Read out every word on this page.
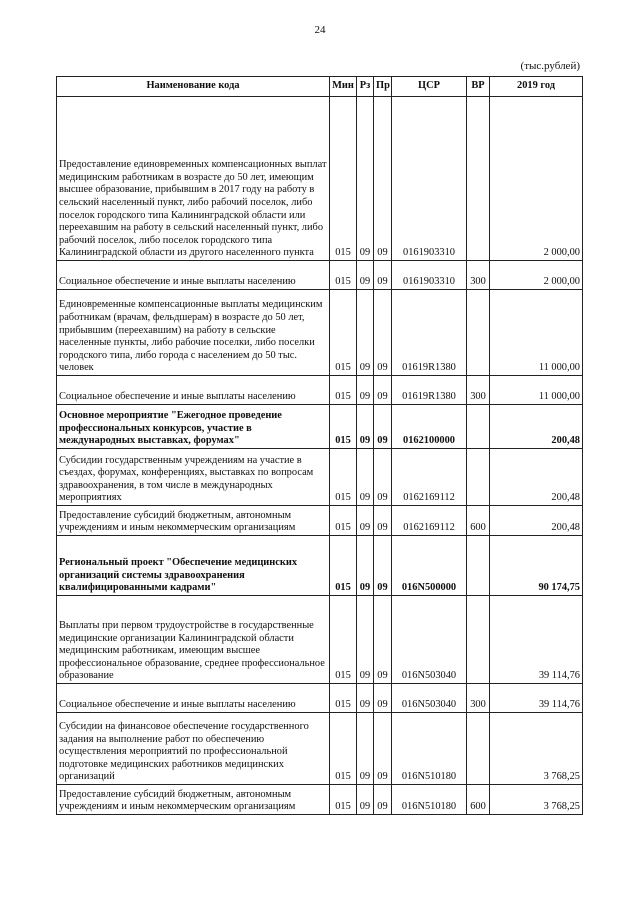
24
(тыс.рублей)
Наименование кода	Мин	Рз	Пр	ЦСР	ВР	2019 год
Предоставление единовременных компенсационных выплат медицинским работникам в возрасте до 50 лет, имеющим высшее образование, прибывшим в 2017 году на работу в сельский населенный пункт, либо рабочий поселок, либо поселок городского типа Калининградской области или переехавшим на работу в сельский населенный пункт, либо рабочий поселок, либо поселок городского типа Калининградской области из другого населенного пункта	015	09	09	0161903310		2 000,00
Социальное обеспечение и иные выплаты населению	015	09	09	0161903310	300	2 000,00
Единовременные компенсационные выплаты медицинским работникам (врачам, фельдшерам) в возрасте до 50 лет, прибывшим (переехавшим) на работу в сельские населенные пункты, либо рабочие поселки, либо поселки городского типа, либо города с населением до 50 тыс. человек	015	09	09	01619R1380		11 000,00
Социальное обеспечение и иные выплаты населению	015	09	09	01619R1380	300	11 000,00
Основное мероприятие "Ежегодное проведение профессиональных конкурсов, участие в международных выставках, форумах"	015	09	09	0162100000		200,48
Субсидии государственным учреждениям на участие в съездах, форумах, конференциях, выставках по вопросам здравоохранения, в том числе в международных мероприятиях	015	09	09	0162169112		200,48
Предоставление субсидий бюджетным, автономным учреждениям и иным некоммерческим организациям	015	09	09	0162169112	600	200,48
Региональный проект "Обеспечение медицинских организаций системы здравоохранения квалифицированными кадрами"	015	09	09	016N500000		90 174,75
Выплаты при первом трудоустройстве в государственные медицинские организации Калининградской области медицинским работникам, имеющим высшее профессиональное образование, среднее профессиональное образование	015	09	09	016N503040		39 114,76
Социальное обеспечение и иные выплаты населению	015	09	09	016N503040	300	39 114,76
Субсидии на финансовое обеспечение государственного задания на выполнение работ по обеспечению осуществления мероприятий по профессиональной подготовке медицинских работников медицинских организаций	015	09	09	016N510180		3 768,25
Предоставление субсидий бюджетным, автономным учреждениям и иным некоммерческим организациям	015	09	09	016N510180	600	3 768,25
